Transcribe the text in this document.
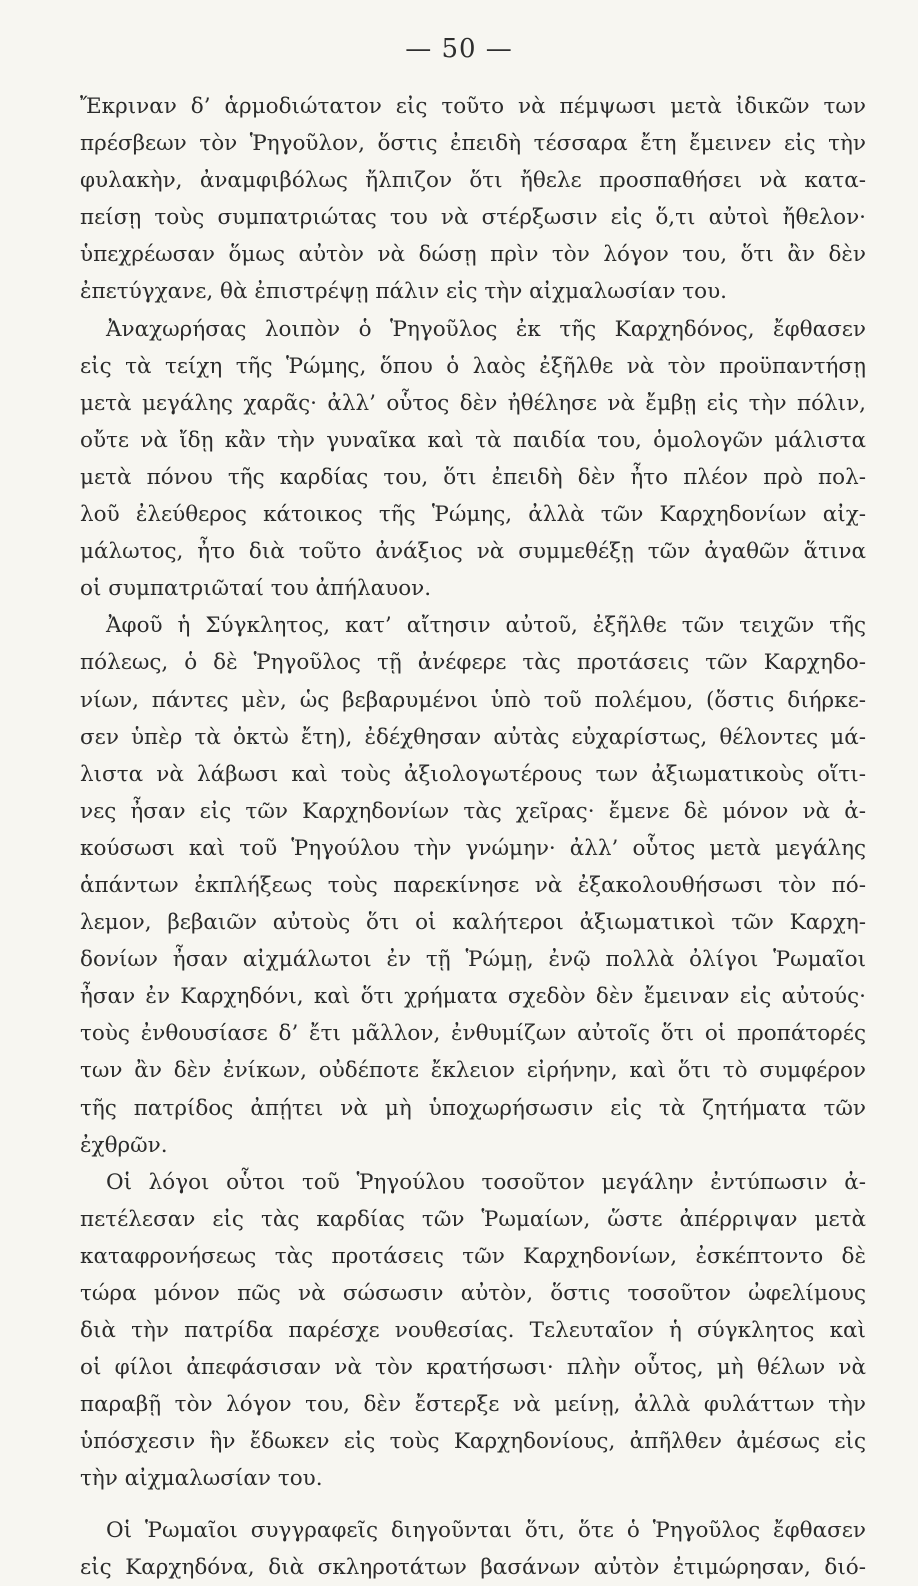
— 50 —
Ἔκριναν δ’ ἁρμοδιώτατον εἰς τοῦτο νὰ πέμψωσι μετὰ ἰδικῶν των
πρέσβεων τὸν Ῥηγοῦλον, ὅστις ἐπειδὴ τέσσαρα ἔτη ἔμεινεν εἰς τὴν
φυλακὴν, ἀναμφιβόλως ἤλπιζον ὅτι ἤθελε προσπαθήσει νὰ κατα-
πείσῃ τοὺς συμπατριώτας του νὰ στέρξωσιν εἰς ὅ,τι αὐτοὶ ἤθελον·
ὑπεχρέωσαν ὅμως αὐτὸν νὰ δώσῃ πρὶν τὸν λόγον του, ὅτι ἂν δὲν
ἐπετύγχανε, θὰ ἐπιστρέψῃ πάλιν εἰς τὴν αἰχμαλωσίαν του.
Ἀναχωρήσας λοιπὸν ὁ Ῥηγοῦλος ἐκ τῆς Καρχηδόνος, ἔφθασεν
εἰς τὰ τείχη τῆς Ῥώμης, ὅπου ὁ λαὸς ἐξῆλθε νὰ τὸν προϋπαντήσῃ
μετὰ μεγάλης χαρᾶς· ἀλλ’ οὗτος δὲν ἠθέλησε νὰ ἔμβῃ εἰς τὴν πόλιν,
οὔτε νὰ ἴδῃ κἂν τὴν γυναῖκα καὶ τὰ παιδία του, ὁμολογῶν μάλιστα
μετὰ πόνου τῆς καρδίας του, ὅτι ἐπειδὴ δὲν ἦτο πλέον πρὸ πολ-
λοῦ ἐλεύθερος κάτοικος τῆς Ῥώμης, ἀλλὰ τῶν Καρχηδονίων αἰχ-
μάλωτος, ἦτο διὰ τοῦτο ἀνάξιος νὰ συμμεθέξῃ τῶν ἀγαθῶν ἅτινα
οἱ συμπατριῶταί του ἀπήλαυον.
Ἀφοῦ ἡ Σύγκλητος, κατ’ αἴτησιν αὐτοῦ, ἐξῆλθε τῶν τειχῶν τῆς
πόλεως, ὁ δὲ Ῥηγοῦλος τῇ ἀνέφερε τὰς προτάσεις τῶν Καρχηδο-
νίων, πάντες μὲν, ὡς βεβαρυμένοι ὑπὸ τοῦ πολέμου, (ὅστις διήρκε-
σεν ὑπὲρ τὰ ὀκτὼ ἔτη), ἐδέχθησαν αὐτὰς εὐχαρίστως, θέλοντες μά-
λιστα νὰ λάβωσι καὶ τοὺς ἀξιολογωτέρους των ἀξιωματικοὺς οἵτι-
νες ἦσαν εἰς τῶν Καρχηδονίων τὰς χεῖρας· ἔμενε δὲ μόνον νὰ ἀ-
κούσωσι καὶ τοῦ Ῥηγούλου τὴν γνώμην· ἀλλ’ οὗτος μετὰ μεγάλης
ἁπάντων ἐκπλήξεως τοὺς παρεκίνησε νὰ ἐξακολουθήσωσι τὸν πό-
λεμον, βεβαιῶν αὐτοὺς ὅτι οἱ καλήτεροι ἀξιωματικοὶ τῶν Καρχη-
δονίων ἦσαν αἰχμάλωτοι ἐν τῇ Ῥώμῃ, ἐνῷ πολλὰ ὀλίγοι Ῥωμαῖοι
ἦσαν ἐν Καρχηδόνι, καὶ ὅτι χρήματα σχεδὸν δὲν ἔμειναν εἰς αὐτούς·
τοὺς ἐνθουσίασε δ’ ἔτι μᾶλλον, ἐνθυμίζων αὐτοῖς ὅτι οἱ προπάτορές
των ἂν δὲν ἐνίκων, οὐδέποτε ἔκλειον εἰρήνην, καὶ ὅτι τὸ συμφέρον
τῆς πατρίδος ἀπῄτει νὰ μὴ ὑποχωρήσωσιν εἰς τὰ ζητήματα τῶν
ἐχθρῶν.
Οἱ λόγοι οὗτοι τοῦ Ῥηγούλου τοσοῦτον μεγάλην ἐντύπωσιν ἀ-
πετέλεσαν εἰς τὰς καρδίας τῶν Ῥωμαίων, ὥστε ἀπέρριψαν μετὰ
καταφρονήσεως τὰς προτάσεις τῶν Καρχηδονίων, ἐσκέπτοντο δὲ
τώρα μόνον πῶς νὰ σώσωσιν αὐτὸν, ὅστις τοσοῦτον ὠφελίμους
διὰ τὴν πατρίδα παρέσχε νουθεσίας. Τελευταῖον ἡ σύγκλητος καὶ
οἱ φίλοι ἀπεφάσισαν νὰ τὸν κρατήσωσι· πλὴν οὗτος, μὴ θέλων νὰ
παραβῇ τὸν λόγον του, δὲν ἔστερξε νὰ μείνῃ, ἀλλὰ φυλάττων τὴν
ὑπόσχεσιν ἣν ἔδωκεν εἰς τοὺς Καρχηδονίους, ἀπῆλθεν ἀμέσως εἰς
τὴν αἰχμαλωσίαν του.
Οἱ Ῥωμαῖοι συγγραφεῖς διηγοῦνται ὅτι, ὅτε ὁ Ῥηγοῦλος ἔφθασεν
εἰς Καρχηδόνα, διὰ σκληροτάτων βασάνων αὐτὸν ἐτιμώρησαν, διό-
